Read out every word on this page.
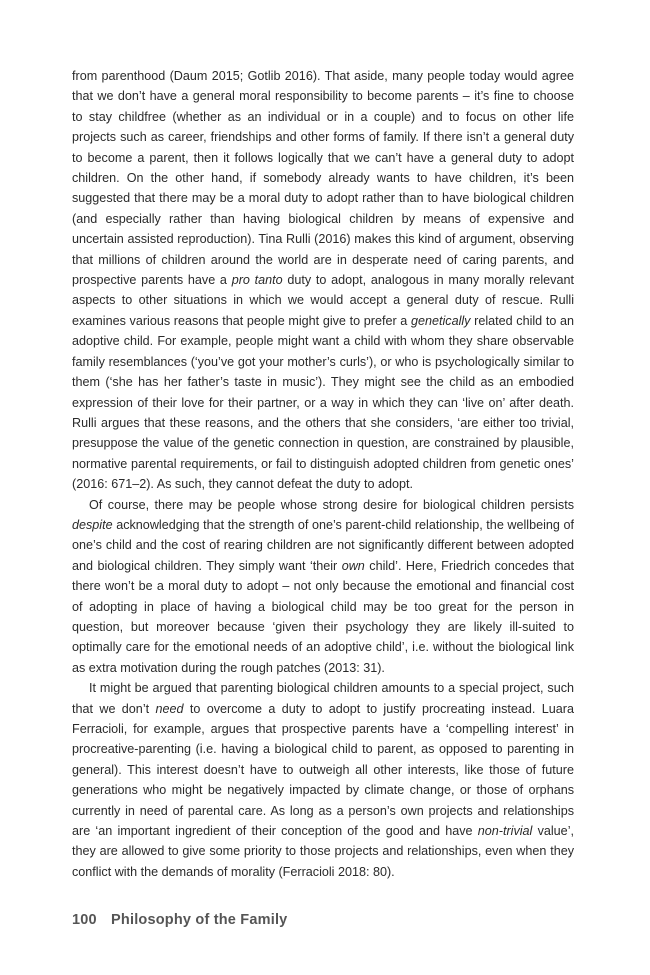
from parenthood (Daum 2015; Gotlib 2016). That aside, many people today would agree that we don’t have a general moral responsibility to become parents – it’s fine to choose to stay childfree (whether as an individual or in a couple) and to focus on other life projects such as career, friendships and other forms of family. If there isn’t a general duty to become a parent, then it follows logically that we can’t have a general duty to adopt children. On the other hand, if somebody already wants to have children, it’s been suggested that there may be a moral duty to adopt rather than to have biological children (and especially rather than having biological children by means of expensive and uncertain assisted reproduction). Tina Rulli (2016) makes this kind of argument, observing that millions of children around the world are in desperate need of caring parents, and prospective parents have a pro tanto duty to adopt, analogous in many morally relevant aspects to other situations in which we would accept a general duty of rescue. Rulli examines various reasons that people might give to prefer a genetically related child to an adoptive child. For example, people might want a child with whom they share observable family resemblances (‘you’ve got your mother’s curls’), or who is psychologically similar to them (‘she has her father’s taste in music’). They might see the child as an embodied expression of their love for their partner, or a way in which they can ‘live on’ after death. Rulli argues that these reasons, and the others that she considers, ‘are either too trivial, presuppose the value of the genetic connection in question, are constrained by plausible, normative parental requirements, or fail to distinguish adopted children from genetic ones’ (2016: 671–2). As such, they cannot defeat the duty to adopt.

Of course, there may be people whose strong desire for biological children persists despite acknowledging that the strength of one’s parent-child relationship, the wellbeing of one’s child and the cost of rearing children are not significantly different between adopted and biological children. They simply want ‘their own child’. Here, Friedrich concedes that there won’t be a moral duty to adopt – not only because the emotional and financial cost of adopting in place of having a biological child may be too great for the person in question, but moreover because ‘given their psychology they are likely ill-suited to optimally care for the emotional needs of an adoptive child’, i.e. without the biological link as extra motivation during the rough patches (2013: 31).

It might be argued that parenting biological children amounts to a special project, such that we don’t need to overcome a duty to adopt to justify procreating instead. Luara Ferracioli, for example, argues that prospective parents have a ‘compelling interest’ in procreative-parenting (i.e. having a biological child to parent, as opposed to parenting in general). This interest doesn’t have to outweigh all other interests, like those of future generations who might be negatively impacted by climate change, or those of orphans currently in need of parental care. As long as a person’s own projects and relationships are ‘an important ingredient of their conception of the good and have non-trivial value’, they are allowed to give some priority to those projects and relationships, even when they conflict with the demands of morality (Ferracioli 2018: 80).

100 Philosophy of the Family
